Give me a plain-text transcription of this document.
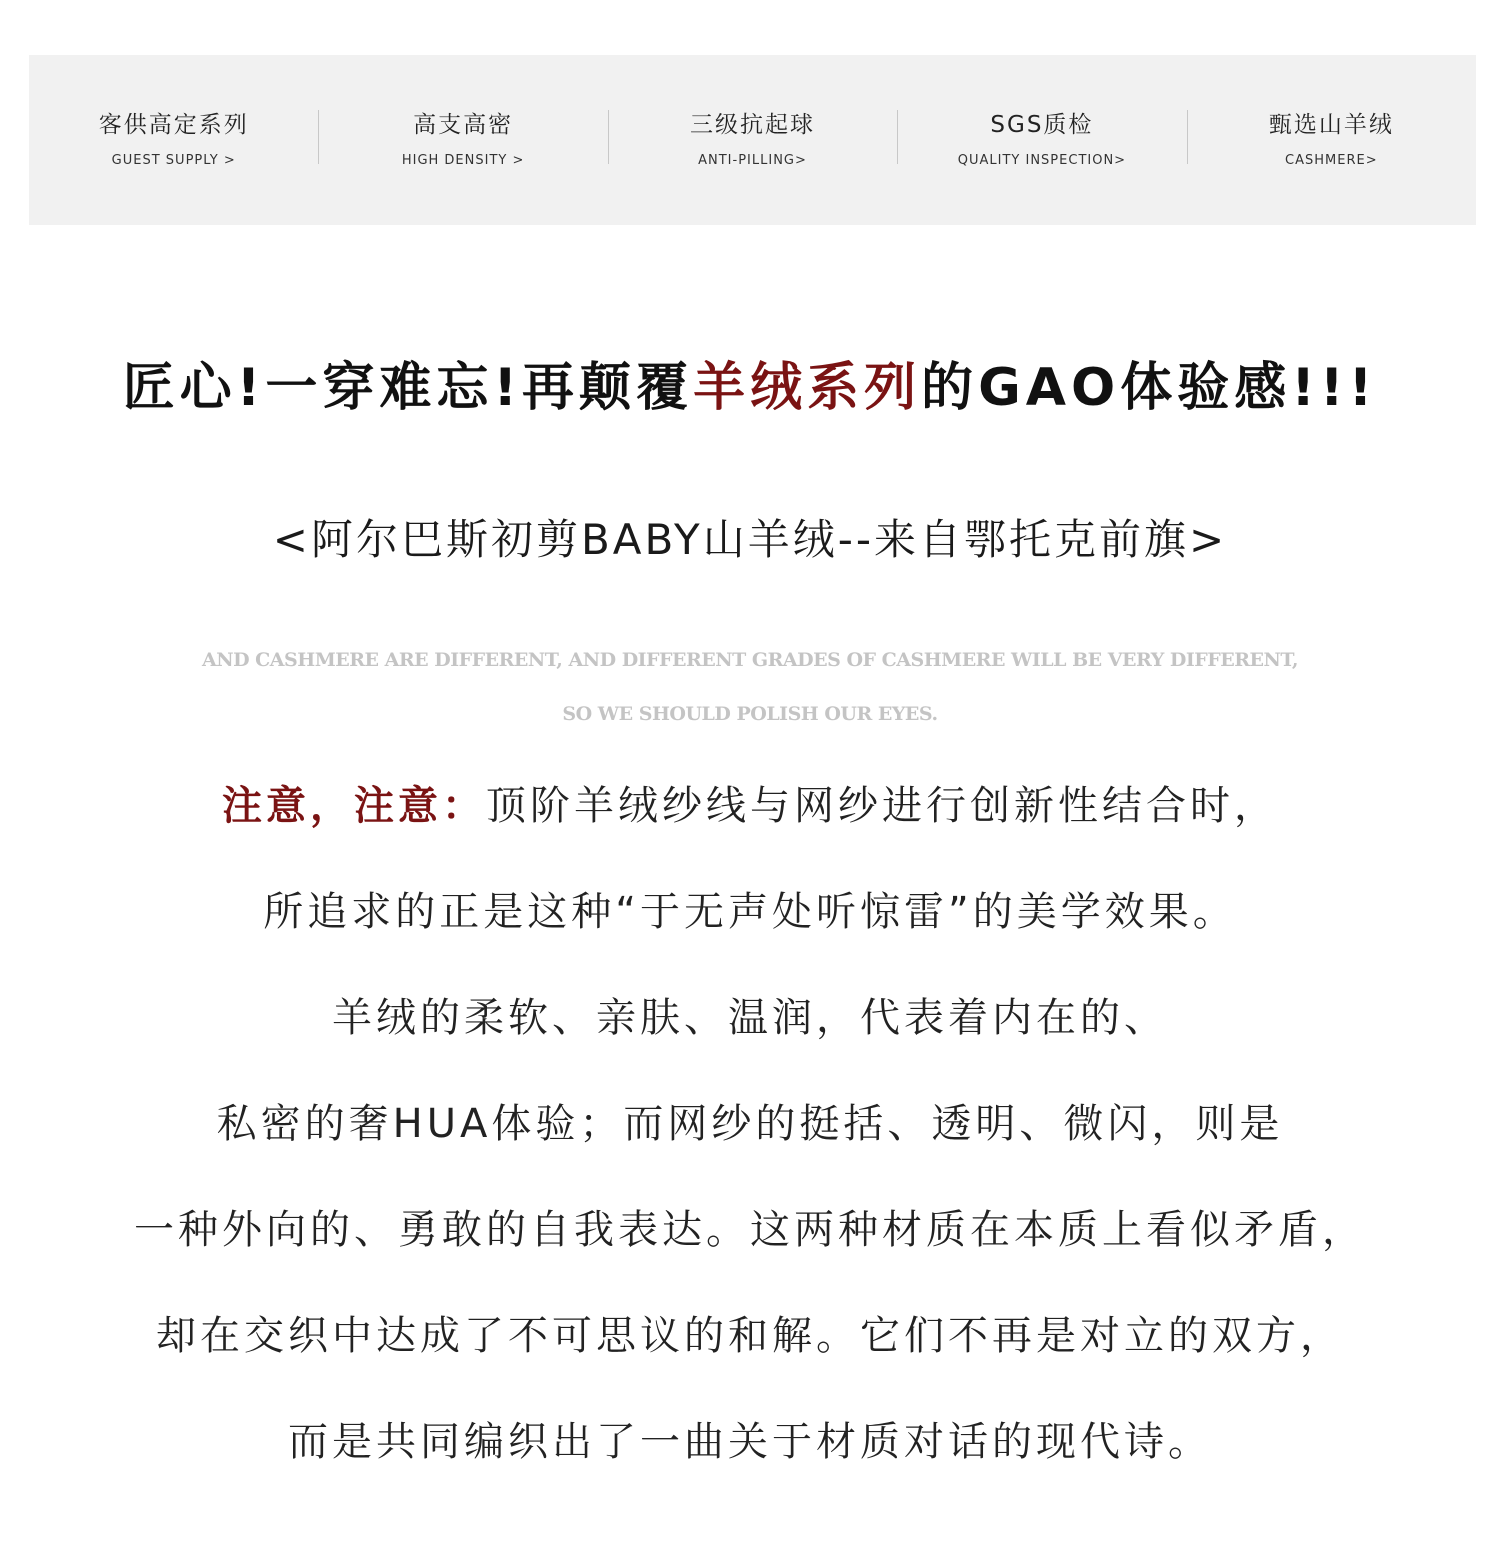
客供高定系列
GUEST SUPPLY >
高支高密
HIGH DENSITY >
三级抗起球
ANTI-PILLING>
SGS质检
QUALITY INSPECTION>
甄选山羊绒
CASHMERE>
匠心!一穿难忘!再颠覆羊绒系列的GAO体验感!!!
<阿尔巴斯初剪BABY山羊绒--来自鄂托克前旗>
AND CASHMERE ARE DIFFERENT, AND DIFFERENT GRADES OF CASHMERE WILL BE VERY DIFFERENT,
SO WE SHOULD POLISH OUR EYES.
注意，注意：顶阶羊绒纱线与网纱进行创新性结合时，
所追求的正是这种“于无声处听惊雷”的美学效果。
羊绒的柔软、亲肤、温润，代表着内在的、
私密的奢HUA体验；而网纱的挺括、透明、微闪，则是
一种外向的、勇敢的自我表达。这两种材质在本质上看似矛盾，
却在交织中达成了不可思议的和解。它们不再是对立的双方，
而是共同编织出了一曲关于材质对话的现代诗。
